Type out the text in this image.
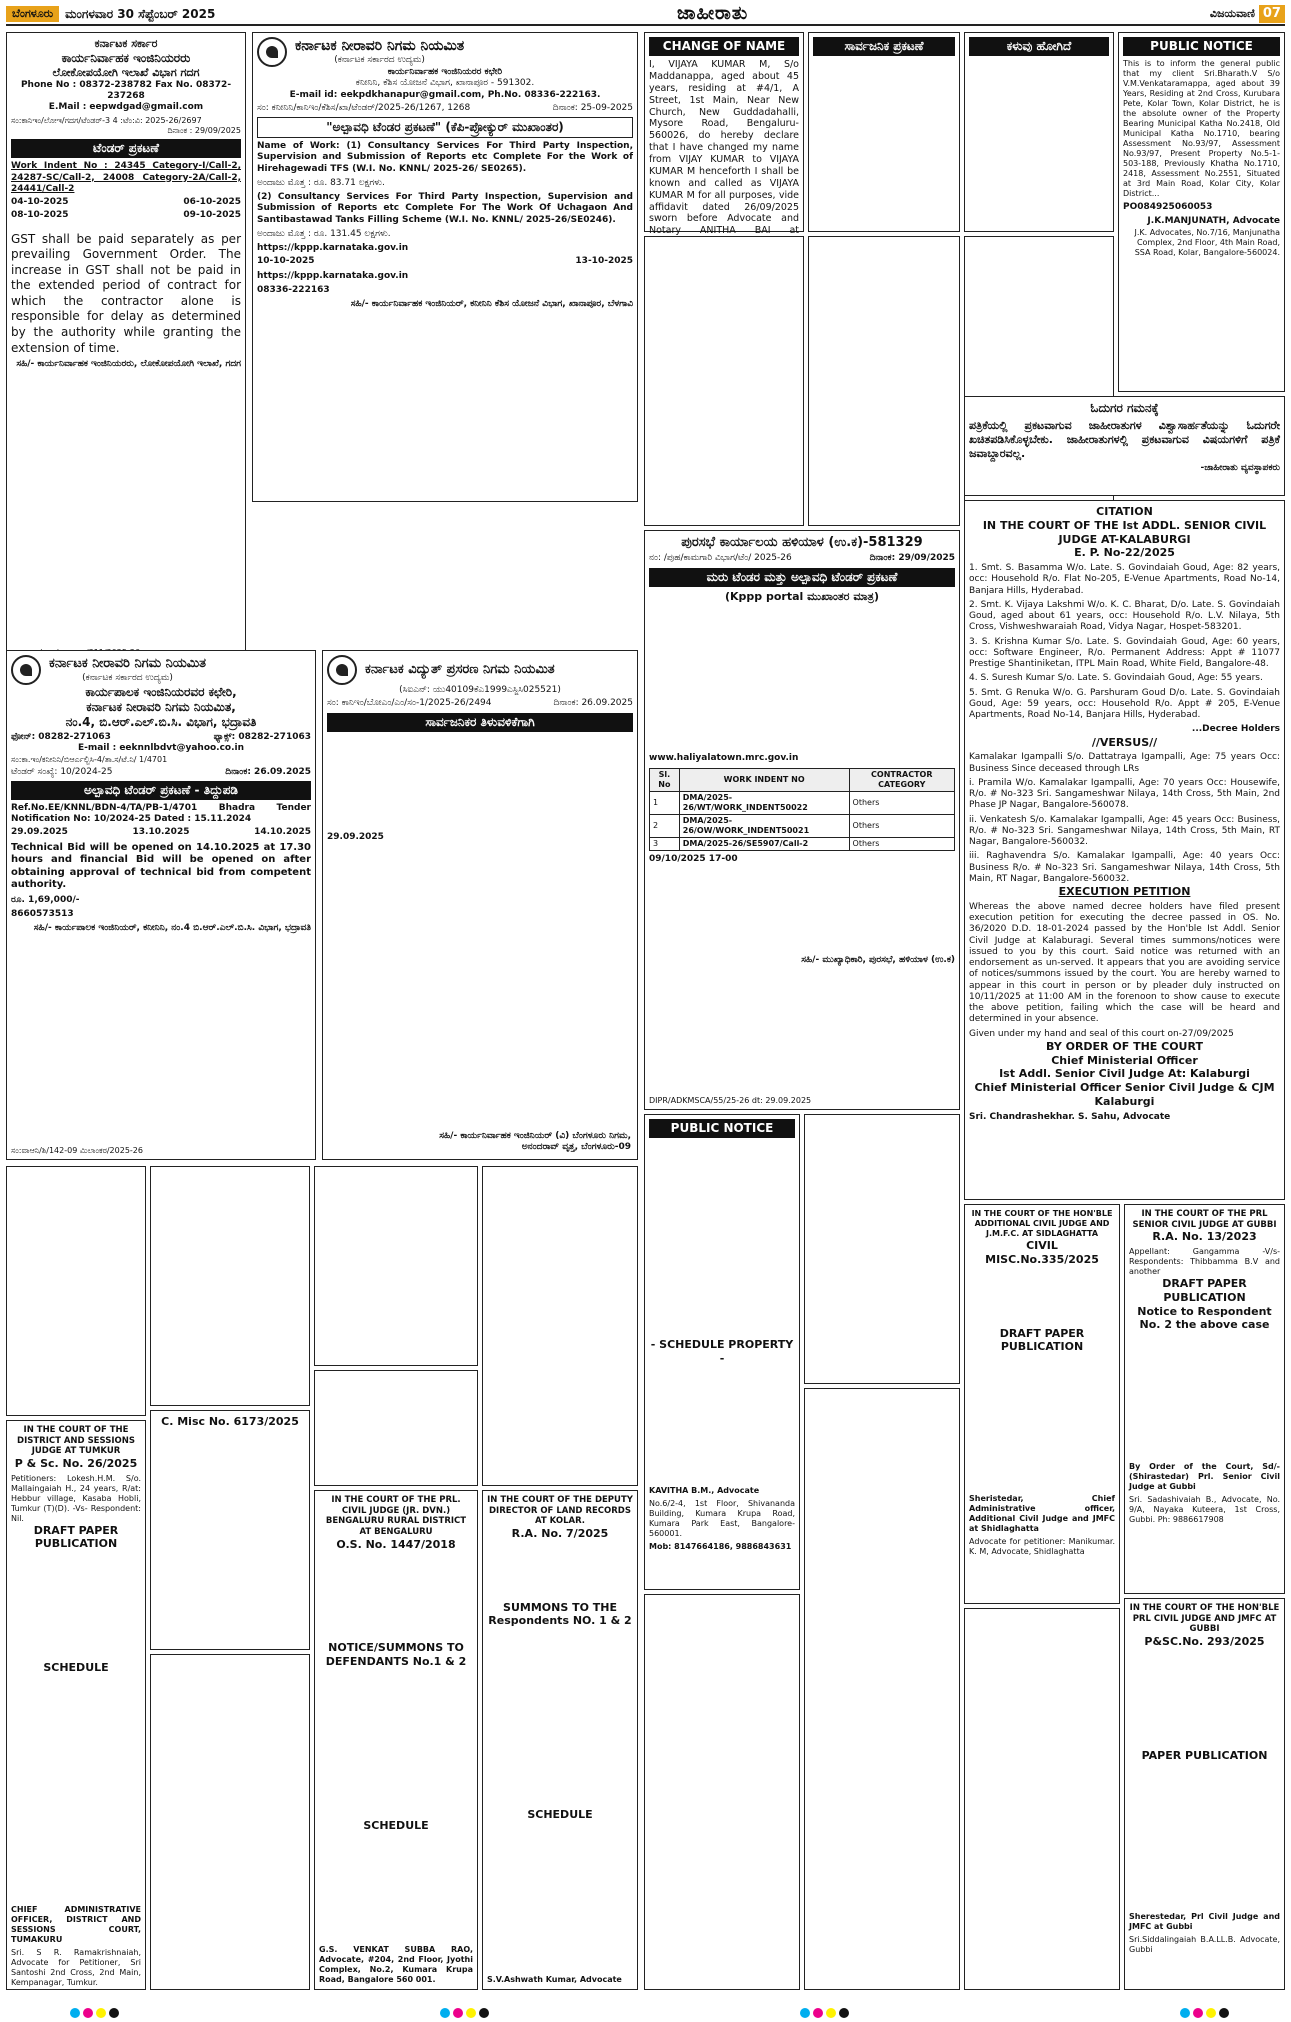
ಬೆಂಗಳೂರು	ಮಂಗಳವಾರ 30 ಸೆಪ್ಟೆಂಬರ್ 2025	ಜಾಹೀರಾತು	ವಿಜಯವಾಣಿ 07
ಕರ್ನಾಟಕ ಸರ್ಕಾರ
ಕಾರ್ಯನಿರ್ವಾಹಕ ಇಂಜಿನಿಯರರು
ಲೋಕೋಪಯೋಗಿ ಇಲಾಖೆ ವಿಭಾಗ ಗದಗ
Phone No : 08372-238782 Fax No. 08372-237268
E.Mail : eepwdgad@gmail.com
ಸಂ:ಕಾನಿಇಂ/ಲೋಇ/ಗದಗ/ಟೆಂಡರ್-3 4 :ಟೆಂ:ವಿ: 2025-26/2697
ದಿನಾಂಕ : 29/09/2025
ಟೆಂಡರ್ ಪ್ರಕಟಣೆ
Work Indent No : 24345 Category-I/Call-2, 24287-SC/Call-2, 24008 Category-2A/Call-2, 24441/Call-2
04-10-2025	06-10-2025
08-10-2025	09-10-2025
GST shall be paid separately as per prevailing Government Order. The increase in GST shall not be paid in the extended period of contract for which the contractor alone is responsible for delay as determined by the authority while granting the extension of time.
ಸಹಿ/- ಕಾರ್ಯನಿರ್ವಾಹಕ ಇಂಜಿನಿಯರರು, ಲೋಕೋಪಯೋಗಿ ಇಲಾಖೆ, ಗದಗ
ಕರ್ನಾಟಕ ನೀರಾವರಿ ನಿಗಮ ನಿಯಮಿತ
(ಕರ್ನಾಟಕ ಸರ್ಕಾರದ ಉದ್ಯಮ)
ಕಾರ್ಯನಿರ್ವಾಹಕ ಇಂಜಿನಿಯರರ ಕಛೇರಿ
ಕನೀನಿನಿ, ಕೆಶಿಸ ಯೋಜನೆ ವಿಭಾಗ, ಖಾನಾಪೂರ - 591302.
E-mail id: eekpdkhanapur@gmail.com, Ph.No. 08336-222163.
ಸಂ: ಕನೀನಿನಿ/ಕಾನಿಇಂ/ಕೆಶಿಸ/ಖಾ/ಟೆಂಡರ್/2025-26/1267, 1268	ದಿನಾಂಕ: 25-09-2025
"ಅಲ್ಪಾವಧಿ ಟೆಂಡರ ಪ್ರಕಟಣೆ" (ಕೆಪಿ-ಪ್ರೋಕ್ಯುರ್ ಮುಖಾಂತರ)
Name of Work: (1) Consultancy Services For Third Party Inspection, Supervision and Submission of Reports etc Complete For the Work of Hirehagewadi TFS (W.I. No. KNNL/ 2025-26/ SE0265).
ಅಂದಾಜು ಮೊತ್ತ : ರೂ. 83.71 ಲಕ್ಷಗಳು.
(2) Consultancy Services For Third Party Inspection, Supervision and Submission of Reports etc Complete For The Work Of Uchagaon And Santibastawad Tanks Filling Scheme (W.I. No. KNNL/ 2025-26/SE0246).
ಅಂದಾಜು ಮೊತ್ತ : ರೂ. 131.45 ಲಕ್ಷಗಳು.
https://kppp.karnataka.gov.in
10-10-2025	13-10-2025
https://kppp.karnataka.gov.in
08336-222163
ಸಹಿ/- ಕಾರ್ಯನಿರ್ವಾಹಕ ಇಂಜಿನಿಯರ್, ಕನೀನಿನಿ ಕೆಶಿಸ ಯೋಜನೆ ವಿಭಾಗ, ಖಾನಾಪೂರ, ಬೆಳಗಾವಿ
CHANGE OF NAME
I, VIJAYA KUMAR M, S/o Maddanappa, aged about 45 years, residing at #4/1, A Street, 1st Main, Near New Church, New Guddadahalli, Mysore Road, Bengaluru-560026, do hereby declare that I have changed my name from VIJAY KUMAR to VIJAYA KUMAR M henceforth I shall be known and called as VIJAYA KUMAR M for all purposes, vide affidavit dated 26/09/2025 sworn before Advocate and Notary ANITHA BAI at
ಸಾರ್ವಜನಿಕ ಪ್ರಕಟಣೆ	ಕಳುವು ಹೋಗಿದೆ	PUBLIC NOTICE
This is to inform the general public that my client Sri.Bharath.V S/o V.M.Venkataramappa, aged about 39 Years, Residing at 2nd Cross, Kurubara Pete, Kolar Town, Kolar District, he is the absolute owner of the Property Bearing Municipal Katha No.2418, Old Municipal Katha No.1710, bearing Assessment No.93/97, Assessment No.93/97, Present Property No.5-1-503-188, Previously Khatha No.1710, 2418, Assessment No.2551, Situated at 3rd Main Road, Kolar City, Kolar District...
PO084925060053
J.K.MANJUNATH, Advocate
J.K. Advocates, No.7/16, Manjunatha Complex, 2nd Floor, 4th Main Road, SSA Road, Kolar, Bangalore-560024.
ಓದುಗರ ಗಮನಕ್ಕೆ
ಪತ್ರಿಕೆಯಲ್ಲಿ ಪ್ರಕಟವಾಗುವ ಜಾಹೀರಾತುಗಳ ವಿಶ್ವಾಸಾರ್ಹತೆಯನ್ನು ಓದುಗರೇ ಖಚಿತಪಡಿಸಿಕೊಳ್ಳಬೇಕು. ಜಾಹೀರಾತುಗಳಲ್ಲಿ ಪ್ರಕಟವಾಗುವ ವಿಷಯಗಳಿಗೆ ಪತ್ರಿಕೆ ಜವಾಬ್ದಾರವಲ್ಲ.
-ಜಾಹೀರಾತು ವ್ಯವಸ್ಥಾಪಕರು
ಪುರಸಭೆ ಕಾರ್ಯಾಲಯ ಹಳಿಯಾಳ (ಉ.ಕ)-581329
ನಂ: /ಪುಹ/ಕಾಮಗಾರಿ ವಿಭಾಗ/ಟೆಂ/ 2025-26	ದಿನಾಂಕ: 29/09/2025
ಮರು ಟೆಂಡರ ಮತ್ತು ಅಲ್ಪಾವಧಿ ಟೆಂಡರ್ ಪ್ರಕಟಣೆ
(Kppp portal ಮುಖಾಂತರ ಮಾತ್ರ)
www.haliyalatown.mrc.gov.in
Sl. No	WORK INDENT NO	CONTRACTOR CATEGORY
1	DMA/2025-26/WT/WORK_INDENT50022	Others
2	DMA/2025-26/OW/WORK_INDENT50021	Others
3	DMA/2025-26/SE5907/Call-2	Others
09/10/2025 17-00
ಸಹಿ/- ಮುಖ್ಯಾಧಿಕಾರಿ, ಪುರಸಭೆ, ಹಳಿಯಾಳ (ಉ.ಕ)
DIPR/ADKMSCA/55/25-26 dt: 29.09.2025
CITATION
IN THE COURT OF THE Ist ADDL. SENIOR CIVIL JUDGE AT-KALABURGI
E. P. No-22/2025
1. Smt. S. Basamma W/o. Late. S. Govindaiah Goud, Age: 82 years, occ: Household R/o. Flat No-205, E-Venue Apartments, Road No-14, Banjara Hills, Hyderabad.
2. Smt. K. Vijaya Lakshmi W/o. K. C. Bharat, D/o. Late. S. Govindaiah Goud, aged about 61 years, occ: Household R/o. L.V. Nilaya, 5th Cross, Vishweshwaraiah Road, Vidya Nagar, Hospet-583201.
3. S. Krishna Kumar S/o. Late. S. Govindaiah Goud, Age: 60 years, occ: Software Engineer, R/o. Permanent Address: Appt # 11077 Prestige Shantiniketan, ITPL Main Road, White Field, Bangalore-48.
4. S. Suresh Kumar S/o. Late. S. Govindaiah Goud, Age: 55 years.
5. Smt. G Renuka W/o. G. Parshuram Goud D/o. Late. S. Govindaiah Goud, Age: 59 years, occ: Household R/o. Appt # 205, E-Venue Apartments, Road No-14, Banjara Hills, Hyderabad.
...Decree Holders
//VERSUS//
Kamalakar Igampalli S/o. Dattatraya Igampalli, Age: 75 years Occ: Business Since deceased through LRs
i. Pramila W/o. Kamalakar Igampalli, Age: 70 years Occ: Housewife, R/o. # No-323 Sri. Sangameshwar Nilaya, 14th Cross, 5th Main, 2nd Phase JP Nagar, Bangalore-560078.
ii. Venkatesh S/o. Kamalakar Igampalli, Age: 45 years Occ: Business, R/o. # No-323 Sri. Sangameshwar Nilaya, 14th Cross, 5th Main, RT Nagar, Bangalore-560032.
iii. Raghavendra S/o. Kamalakar Igampalli, Age: 40 years Occ: Business R/o. # No-323 Sri. Sangameshwar Nilaya, 14th Cross, 5th Main, RT Nagar, Bangalore-560032.
EXECUTION PETITION
Whereas the above named decree holders have filed present execution petition for executing the decree passed in OS. No. 36/2020 D.D. 18-01-2024 passed by the Hon'ble Ist Addl. Senior Civil Judge at Kalaburagi. Several times summons/notices were issued to you by this court. Said notice was returned with an endorsement as un-served. It appears that you are avoiding service of notices/summons issued by the court. You are hereby warned to appear in this court in person or by pleader duly instructed on 10/11/2025 at 11:00 AM in the forenoon to show cause to execute the above petition, failing which the case will be heard and determined in your absence.
Given under my hand and seal of this court on-27/09/2025
BY ORDER OF THE COURT
Chief Ministerial Officer
Ist Addl. Senior Civil Judge At: Kalaburgi
Chief Ministerial Officer Senior Civil Judge & CJM Kalaburgi
Sri. Chandrashekhar. S. Sahu, Advocate
ಕರ್ನಾಟಕ ನೀರಾವರಿ ನಿಗಮ ನಿಯಮಿತ
(ಕರ್ನಾಟಕ ಸರ್ಕಾರದ ಉದ್ಯಮ)
ಕಾರ್ಯಪಾಲಕ ಇಂಜಿನಿಯರವರ ಕಛೇರಿ,
ಕರ್ನಾಟಕ ನೀರಾವರಿ ನಿಗಮ ನಿಯಮಿತ,
ನಂ.4, ಬಿ.ಆರ್.ಎಲ್.ಬಿ.ಸಿ. ವಿಭಾಗ, ಭದ್ರಾವತಿ
ಫೋನ್: 08282-271063	ಫ್ಯಾಕ್ಸ್: 08282-271063
E-mail : eeknnlbdvt@yahoo.co.in
ಸಂ:ಕಾ.ಇಂ/ಕನೀನಿನಿ/ಬಿಆರ್ಎಲ್ಬಿಸಿ-4/ತಾ.ಸ/ಟೆ.ನಿ/ 1/4701
ಟೆಂಡರ್ ಸಂಖ್ಯೆ: 10/2024-25	ದಿನಾಂಕ: 26.09.2025
ಅಲ್ಪಾವಧಿ ಟೆಂಡರ್ ಪ್ರಕಟಣೆ - ತಿದ್ದುಪಡಿ
Ref.No.EE/KNNL/BDN-4/TA/PB-1/4701 Bhadra Tender Notification No: 10/2024-25 Dated : 15.11.2024
29.09.2025	13.10.2025	14.10.2025
Technical Bid will be opened on 14.10.2025 at 17.30 hours and financial Bid will be opened on after obtaining approval of technical bid from competent authority.
ರೂ. 1,69,000/-
8660573513
ಸಹಿ/- ಕಾರ್ಯಪಾಲಕ ಇಂಜಿನಿಯರ್, ಕನೀನಿನಿ, ನಂ.4 ಬಿ.ಆರ್.ಎಲ್.ಬಿ.ಸಿ. ವಿಭಾಗ, ಭದ್ರಾವತಿ
ಸಂ:ವಾಆನಿ/ಶಿ/142-09 ಮಿಲಾಂಕರ/2025-26
ಕರ್ನಾಟಕ ವಿದ್ಯುತ್ ಪ್ರಸರಣ ನಿಗಮ ನಿಯಮಿತ
(ಸಿಐಎನ್: ಯು40109ಕೆಎ1999ಎಸ್ಜಿಸಿ025521)
ಸಂ: ಕಾನಿಇಂ/ಬೋಎಂ/ಎಂ/ಸಂ-1/2025-26/2494	ದಿನಾಂಕ: 26.09.2025
ಸಾರ್ವಜನಿಕರ ತಿಳುವಳಿಕೆಗಾಗಿ
29.09.2025
ಸಹಿ/- ಕಾರ್ಯನಿರ್ವಾಹಕ ಇಂಜಿನಿಯರ್ (ವಿ) ಬೆಂಗಳೂರು ನಿಗಮ, ಅನಂದರಾವ್ ವೃತ್ತ, ಬೆಂಗಳೂರು-09
IN THE COURT OF THE DISTRICT AND SESSIONS JUDGE AT TUMKUR
P & Sc. No. 26/2025
Petitioners: Lokesh.H.M. S/o. Mallaingaiah H., 24 years, R/at: Hebbur village, Kasaba Hobli, Tumkur (T)(D). -Vs- Respondent: Nil.
DRAFT PAPER PUBLICATION
SCHEDULE
CHIEF ADMINISTRATIVE OFFICER, DISTRICT AND SESSIONS COURT, TUMAKURU
Sri. S R. Ramakrishnaiah, Advocate for Petitioner, Sri Santoshi 2nd Cross, 2nd Main, Kempanagar, Tumkur.
C. Misc No. 6173/2025
IN THE COURT OF THE PRL. CIVIL JUDGE (JR. DVN.) BENGALURU RURAL DISTRICT AT BENGALURU
O.S. No. 1447/2018
NOTICE/SUMMONS TO DEFENDANTS No.1 & 2
SCHEDULE
G.S. VENKAT SUBBA RAO, Advocate, #204, 2nd Floor, Jyothi Complex, No.2, Kumara Krupa Road, Bangalore 560 001.
IN THE COURT OF THE DEPUTY DIRECTOR OF LAND RECORDS AT KOLAR.
R.A. No. 7/2025
SUMMONS TO THE Respondents NO. 1 & 2
SCHEDULE
S.V.Ashwath Kumar, Advocate
PUBLIC NOTICE
- SCHEDULE PROPERTY -
KAVITHA B.M., Advocate
No.6/2-4, 1st Floor, Shivananda Building, Kumara Krupa Road, Kumara Park East, Bangalore-560001.
Mob: 8147664186, 9886843631
IN THE COURT OF THE HON'BLE ADDITIONAL CIVIL JUDGE AND J.M.F.C. AT SIDLAGHATTA
CIVIL MISC.No.335/2025
DRAFT PAPER PUBLICATION
Sheristedar, Chief Administrative officer, Additional Civil Judge and JMFC at Shidlaghatta
Advocate for petitioner: Manikumar. K. M, Advocate, Shidlaghatta
IN THE COURT OF THE PRL SENIOR CIVIL JUDGE AT GUBBI
R.A. No. 13/2023
Appellant: Gangamma -V/s- Respondents: Thibbamma B.V and another
DRAFT PAPER PUBLICATION
Notice to Respondent No. 2 the above case
By Order of the Court, Sd/- (Shirastedar) Prl. Senior Civil Judge at Gubbi
Sri. Sadashivaiah B., Advocate, No. 9/A, Nayaka Kuteera, 1st Cross, Gubbi. Ph: 9886617908
IN THE COURT OF THE HON'BLE PRL CIVIL JUDGE AND JMFC AT GUBBI
P&SC.No. 293/2025
PAPER PUBLICATION
Sherestedar, Prl Civil Judge and JMFC at Gubbi
Sri.Siddalingaiah B.A.LL.B. Advocate, Gubbi
